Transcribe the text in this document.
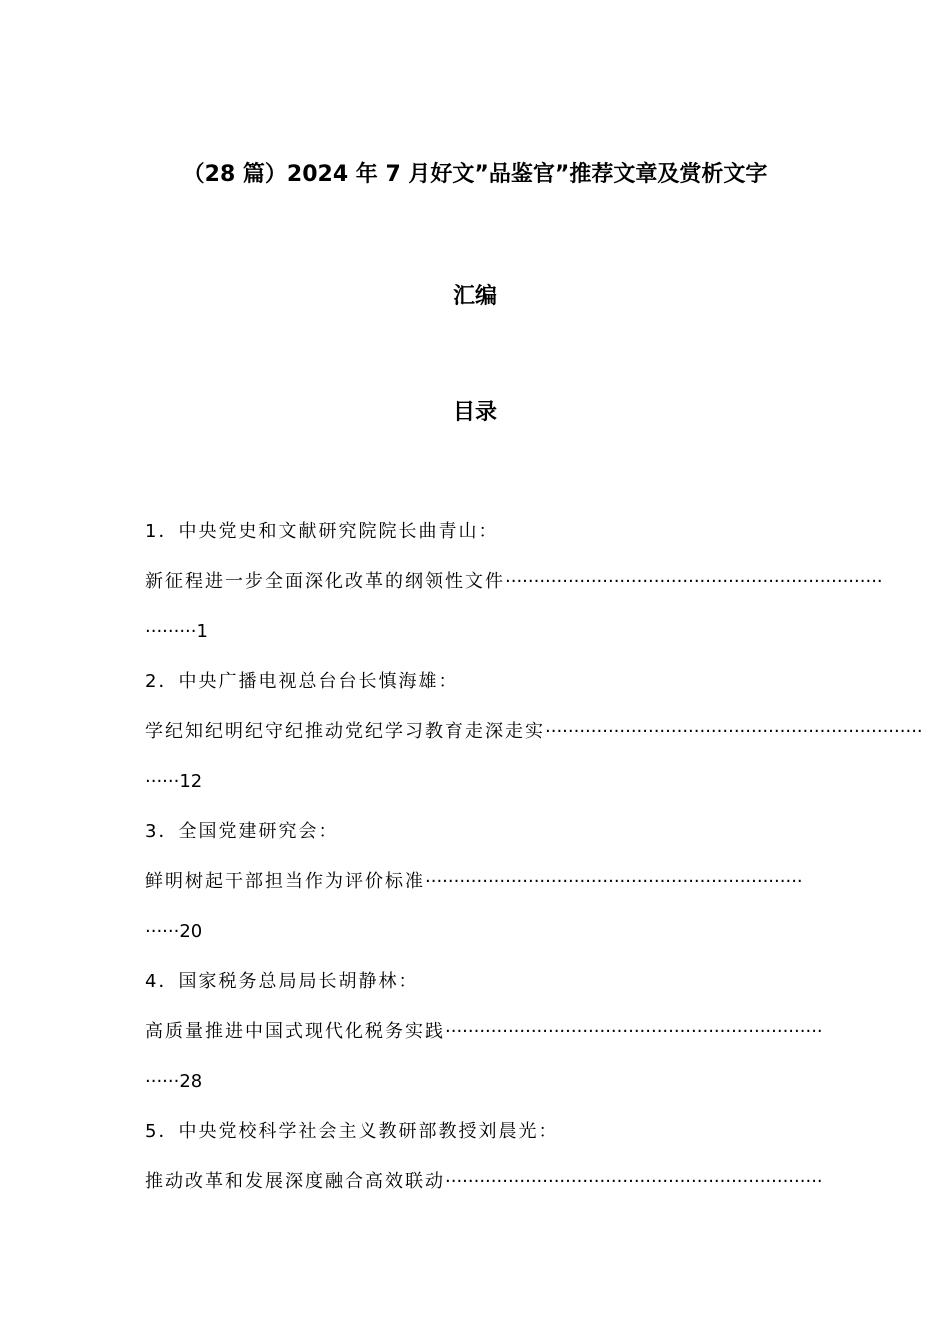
（28 篇）2024 年 7 月好文”品鉴官”推荐文章及赏析文字
汇编
目录
1．中央党史和文献研究院院长曲青山：
新征程进一步全面深化改革的纲领性文件 ··································································
·········1
2．中央广播电视总台台长慎海雄：
学纪知纪明纪守纪推动党纪学习教育走深走实 ··································································
······12
3．全国党建研究会：
鲜明树起干部担当作为评价标准 ··································································
······20
4．国家税务总局局长胡静林：
高质量推进中国式现代化税务实践 ··································································
······28
5．中央党校科学社会主义教研部教授刘晨光：
推动改革和发展深度融合高效联动 ··································································
